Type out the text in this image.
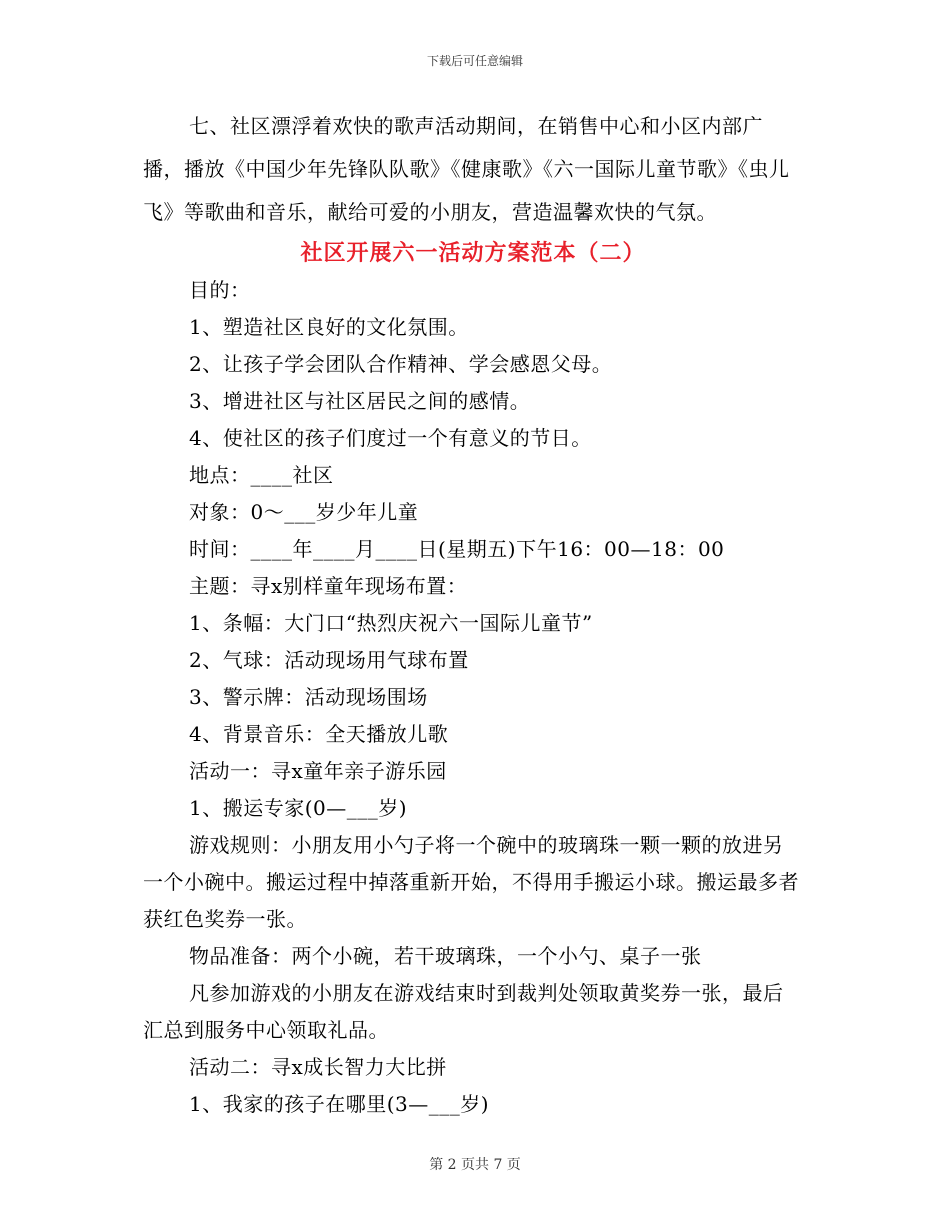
下载后可任意编辑

七、社区漂浮着欢快的歌声活动期间，在销售中心和小区内部广播，播放《中国少年先锋队队歌》《健康歌》《六一国际儿童节歌》《虫儿飞》等歌曲和音乐，献给可爱的小朋友，营造温馨欢快的气氛。

社区开展六一活动方案范本（二）

目的：

1、塑造社区良好的文化氛围。

2、让孩子学会团队合作精神、学会感恩父母。

3、增进社区与社区居民之间的感情。

4、使社区的孩子们度过一个有意义的节日。

地点：____社区

对象：0～___岁少年儿童

时间：____年____月____日(星期五)下午16：00—18：00

主题：寻x别样童年现场布置：

1、条幅：大门口“热烈庆祝六一国际儿童节”

2、气球：活动现场用气球布置

3、警示牌：活动现场围场

4、背景音乐：全天播放儿歌

活动一：寻x童年亲子游乐园

1、搬运专家(0—___岁)

游戏规则：小朋友用小勺子将一个碗中的玻璃珠一颗一颗的放进另一个小碗中。搬运过程中掉落重新开始，不得用手搬运小球。搬运最多者获红色奖券一张。

物品准备：两个小碗，若干玻璃珠，一个小勺、桌子一张

凡参加游戏的小朋友在游戏结束时到裁判处领取黄奖券一张，最后汇总到服务中心领取礼品。

活动二：寻x成长智力大比拼

1、我家的孩子在哪里(3—___岁)

第 2 页共 7 页
